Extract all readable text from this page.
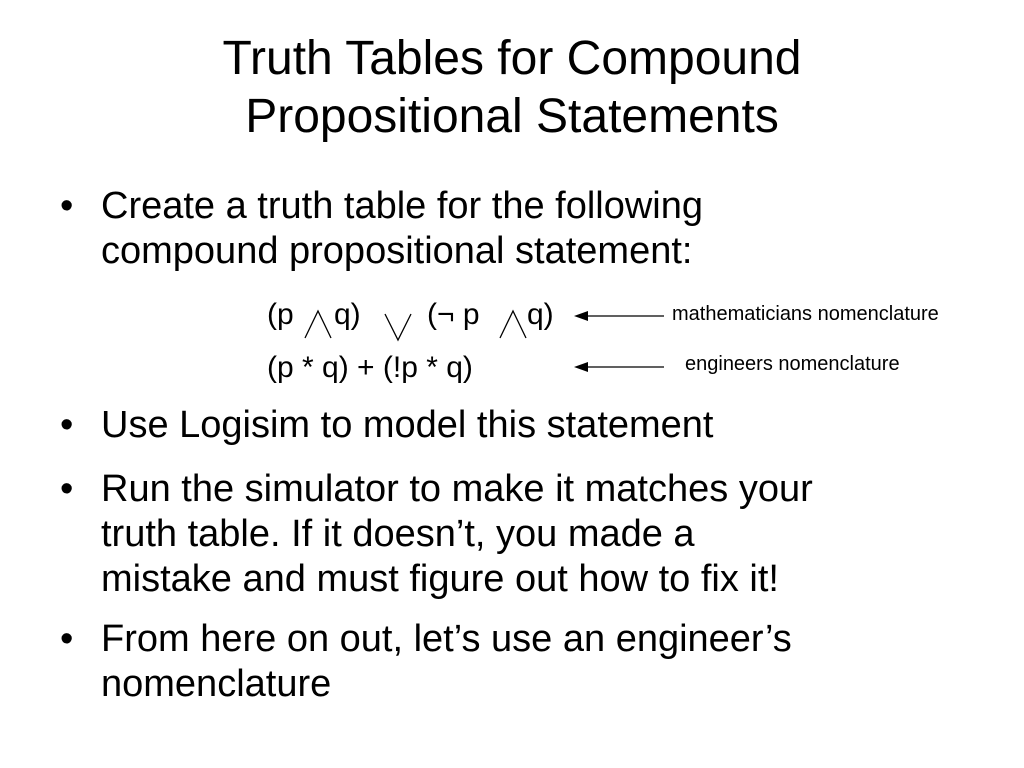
Truth Tables for Compound
Propositional Statements
• Create a truth table for the following
compound propositional statement:
• Use Logisim to model this statement
• Run the simulator to make it matches your
truth table. If it doesn’t, you made a
mistake and must figure out how to fix it!
• From here on out, let’s use an engineer’s
nomenclature
(p q) (¬ p q)
(p * q) + (!p * q)
mathematicians nomenclature
engineers nomenclature
